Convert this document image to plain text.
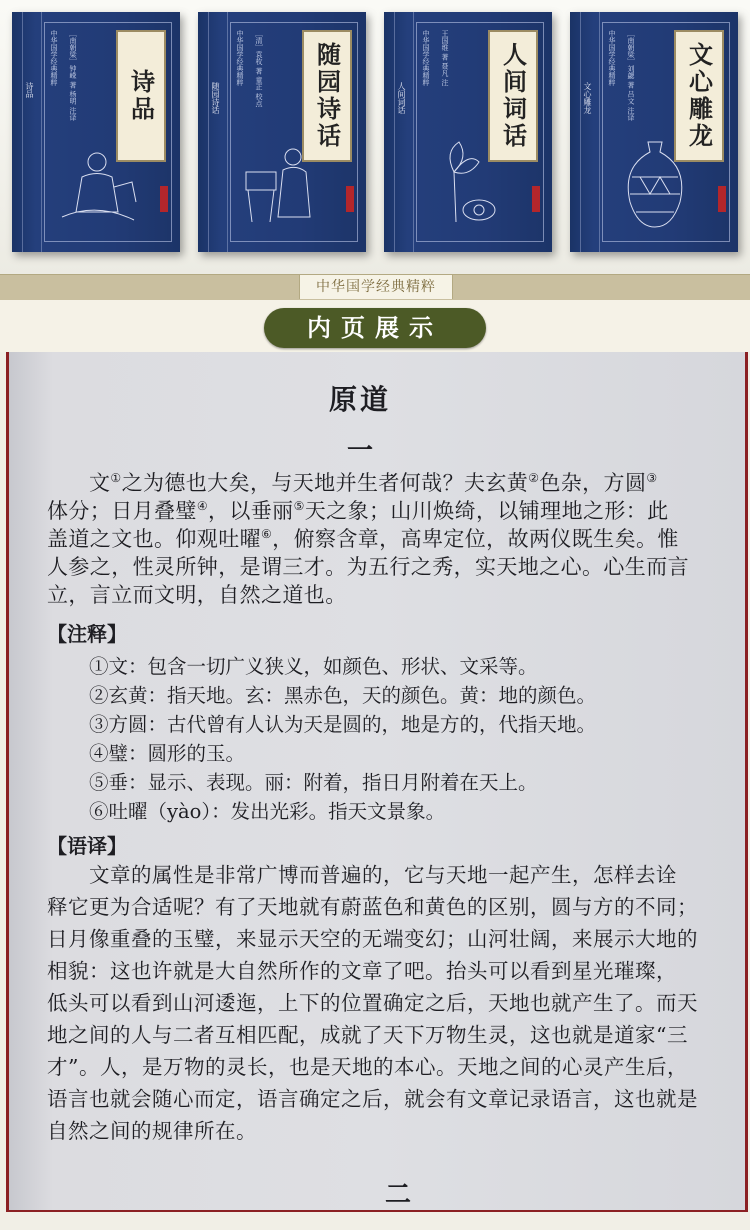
中华国学经典精粹 ［南朝梁］钟嵘 著 杨明 注译
诗品	诗品
中华国学经典精粹 ［清］袁枚 著 童正 校点
随园诗话	随园诗话	中华国学经典精粹 王国维 著 聂凡 注
人间词话	人间词话	中华国学经典精粹 ［南朝梁］刘勰 著 吕文 注译
文心雕龙	文心雕龙
中华国学经典精粹
内页展示
原道
一
文①之为德也大矣，与天地并生者何哉？夫玄黄②色杂，方圆③
体分；日月叠璧④，以垂丽⑤天之象；山川焕绮，以铺理地之形：此
盖道之文也。仰观吐曜⑥，俯察含章，高卑定位，故两仪既生矣。惟
人参之，性灵所钟，是谓三才。为五行之秀，实天地之心。心生而言
立，言立而文明，自然之道也。
【注释】
①文：包含一切广义狭义，如颜色、形状、文采等。
②玄黄：指天地。玄：黑赤色，天的颜色。黄：地的颜色。
③方圆：古代曾有人认为天是圆的，地是方的，代指天地。
④璧：圆形的玉。
⑤垂：显示、表现。丽：附着，指日月附着在天上。
⑥吐曜（yào）：发出光彩。指天文景象。
【语译】
文章的属性是非常广博而普遍的，它与天地一起产生，怎样去诠
释它更为合适呢？有了天地就有蔚蓝色和黄色的区别，圆与方的不同；
日月像重叠的玉璧，来显示天空的无端变幻；山河壮阔，来展示大地的
相貌：这也许就是大自然所作的文章了吧。抬头可以看到星光璀璨，
低头可以看到山河逶迤，上下的位置确定之后，天地也就产生了。而天
地之间的人与二者互相匹配，成就了天下万物生灵，这也就是道家“三
才”。人，是万物的灵长，也是天地的本心。天地之间的心灵产生后，
语言也就会随心而定，语言确定之后，就会有文章记录语言，这也就是
自然之间的规律所在。
二
